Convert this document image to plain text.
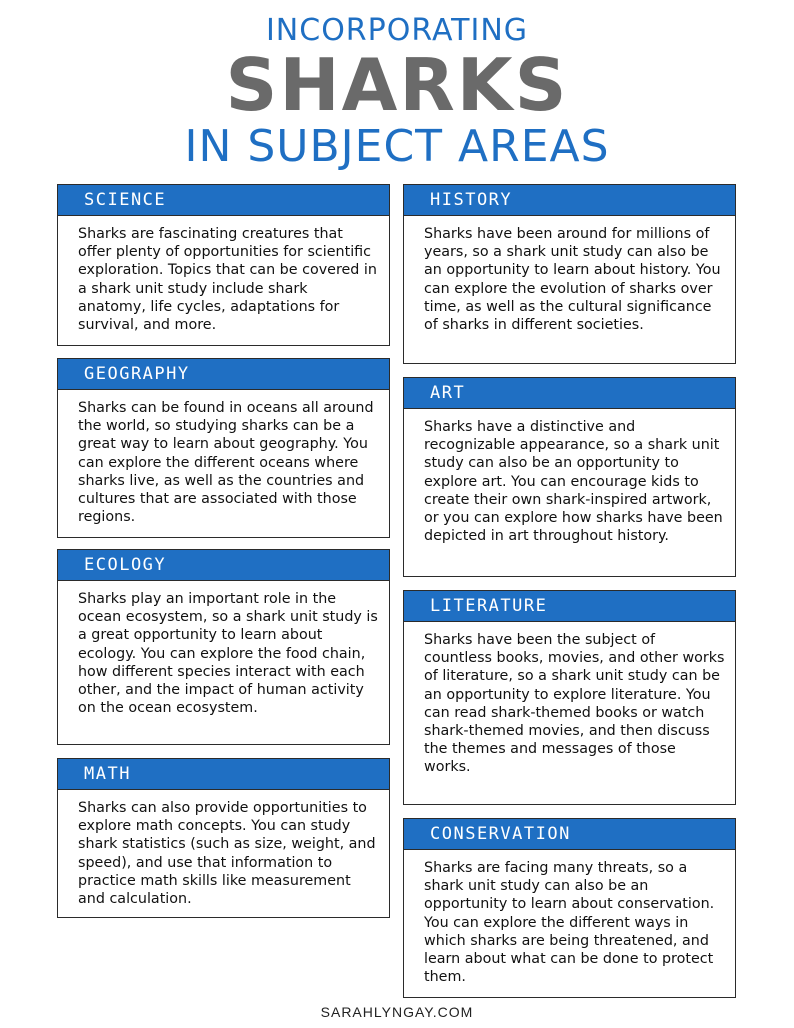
INCORPORATING
SHARKS
IN SUBJECT AREAS
SCIENCE
Sharks are fascinating creatures that offer plenty of opportunities for scientific exploration. Topics that can be covered in a shark unit study include shark anatomy, life cycles, adaptations for survival, and more.
GEOGRAPHY
Sharks can be found in oceans all around the world, so studying sharks can be a great way to learn about geography. You can explore the different oceans where sharks live, as well as the countries and cultures that are associated with those regions.
ECOLOGY
Sharks play an important role in the ocean ecosystem, so a shark unit study is a great opportunity to learn about ecology. You can explore the food chain, how different species interact with each other, and the impact of human activity on the ocean ecosystem.
MATH
Sharks can also provide opportunities to explore math concepts. You can study shark statistics (such as size, weight, and speed), and use that information to practice math skills like measurement and calculation.
HISTORY
Sharks have been around for millions of years, so a shark unit study can also be an opportunity to learn about history. You can explore the evolution of sharks over time, as well as the cultural significance of sharks in different societies.
ART
Sharks have a distinctive and recognizable appearance, so a shark unit study can also be an opportunity to explore art. You can encourage kids to create their own shark-inspired artwork, or you can explore how sharks have been depicted in art throughout history.
LITERATURE
Sharks have been the subject of countless books, movies, and other works of literature, so a shark unit study can be an opportunity to explore literature. You can read shark-themed books or watch shark-themed movies, and then discuss the themes and messages of those works.
CONSERVATION
Sharks are facing many threats, so a shark unit study can also be an opportunity to learn about conservation. You can explore the different ways in which sharks are being threatened, and learn about what can be done to protect them.
SARAHLYNGAY.COM
